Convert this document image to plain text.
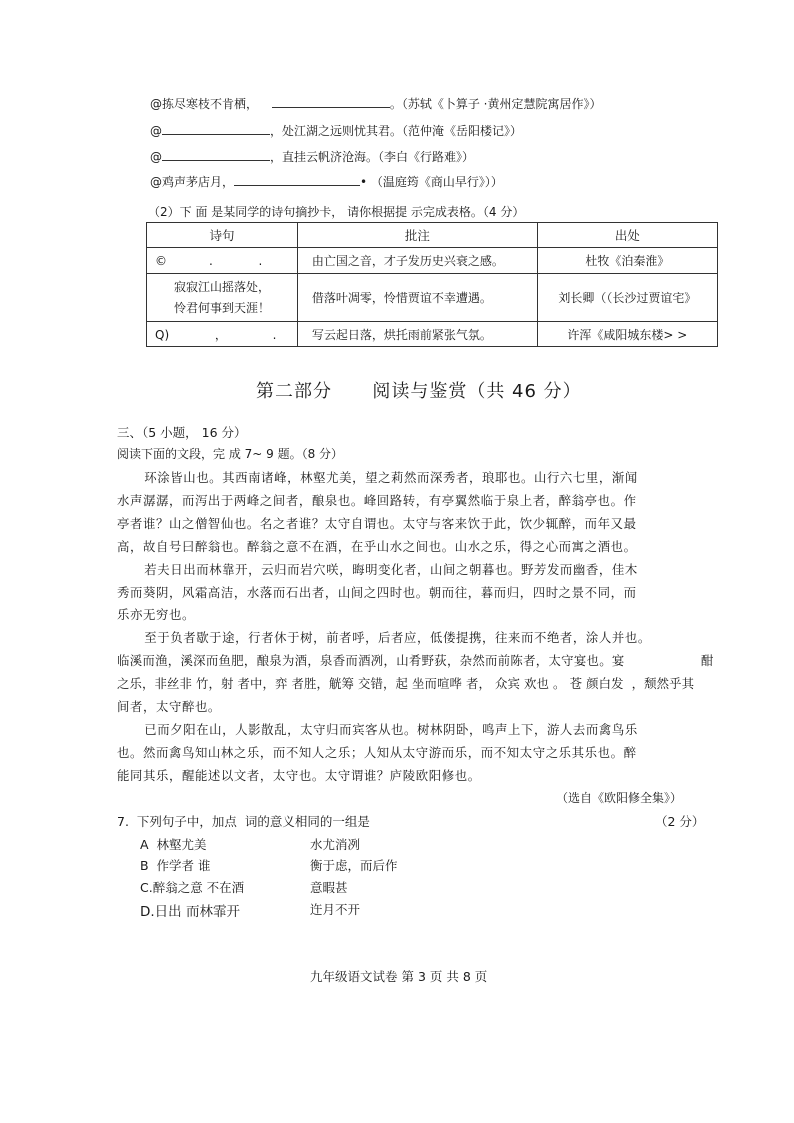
@拣尽寒枝不肯栖，	。（苏轼《卜算子 ·黄州定慧院寓居作》）
@	，处江湖之远则忧其君。（范仲淹《岳阳楼记》）
@	，直挂云帆济沧海。（李白《行路难》）
@鸡声茅店月，	• （温庭筠《商山早行》））
（2）下 面 是某同学的诗句摘抄卡， 请你根据提 示完成表格。（4 分）
诗句	批注	出处
©           .            .	由亡国之音，才子发历史兴衰之感。	杜牧《泊秦淮》

寂寂江山摇落处，
怜君何事到天涯！	借落叶凋零，怜惜贾谊不幸遭遇。	刘长卿（（长沙过贾谊宅》
Q)            ，            .	写云起日落，烘托雨前紧张气氛。	许浑《咸阳城东楼> >
第二部分      阅读与鉴赏（共 46 分）
三、（5 小题， 16 分）
阅读下面的文段，完 成 7~ 9 题。（8 分）

环涂皆山也。其西南诸峰，林壑尤美，望之莉然而深秀者，琅耶也。山行六七里，渐闻

水声潺潺，而泻出于两峰之间者，酿泉也。峰回路转，有亭翼然临于泉上者，醉翁亭也。作

亭者谁？山之僧智仙也。名之者谁？太守自谓也。太守与客来饮于此，饮少辄醉，而年又最

高，故自号曰醉翁也。醉翁之意不在酒，在乎山水之间也。山水之乐，得之心而寓之酒也。

若夫日出而林靠开，云归而岩穴咲，晦明变化者，山间之朝暮也。野芳发而幽香，佳木

秀而葵阴，风霜高洁，水落而石出者，山间之四时也。朝而往，暮而归，四时之景不同，而

乐亦无穷也。

至于负者歇于途，行者休于树，前者呼，后者应，低偻提携，往来而不绝者，涂人并也。

临溪而渔，溪深而鱼肥，酿泉为酒，泉香而酒冽，山肴野荻，杂然而前陈者，太守宴也。宴                  酣

之乐，非丝非 竹，射 者中，弈 者胜，觥筹 交错，起 坐而喧哗 者， 众宾 欢也 。 苍 颜白发  ，颓然乎其

间者，太守醉也。

已而夕阳在山，人影散乱，太守归而宾客从也。树林阴卧，鸣声上下，游人去而禽鸟乐

也。然而禽鸟知山林之乐，而不知人之乐；人知从太守游而乐，而不知太守之乐其乐也。醉

能同其乐，醒能述以文者，太守也。太守谓谁？庐陵欧阳修也。

（选自《欧阳修全集》）
7.  下列句子中，加点  词的意义相同的一组是	（2 分）
A  林壑尤美	水尤消冽
B  作学者 谁	衡于虑，而后作
C.醉翁之意 不在酒	意暇甚
D.日出 而林霏开	迕月不开
九年级语文试卷 第 3 页 共 8 页
